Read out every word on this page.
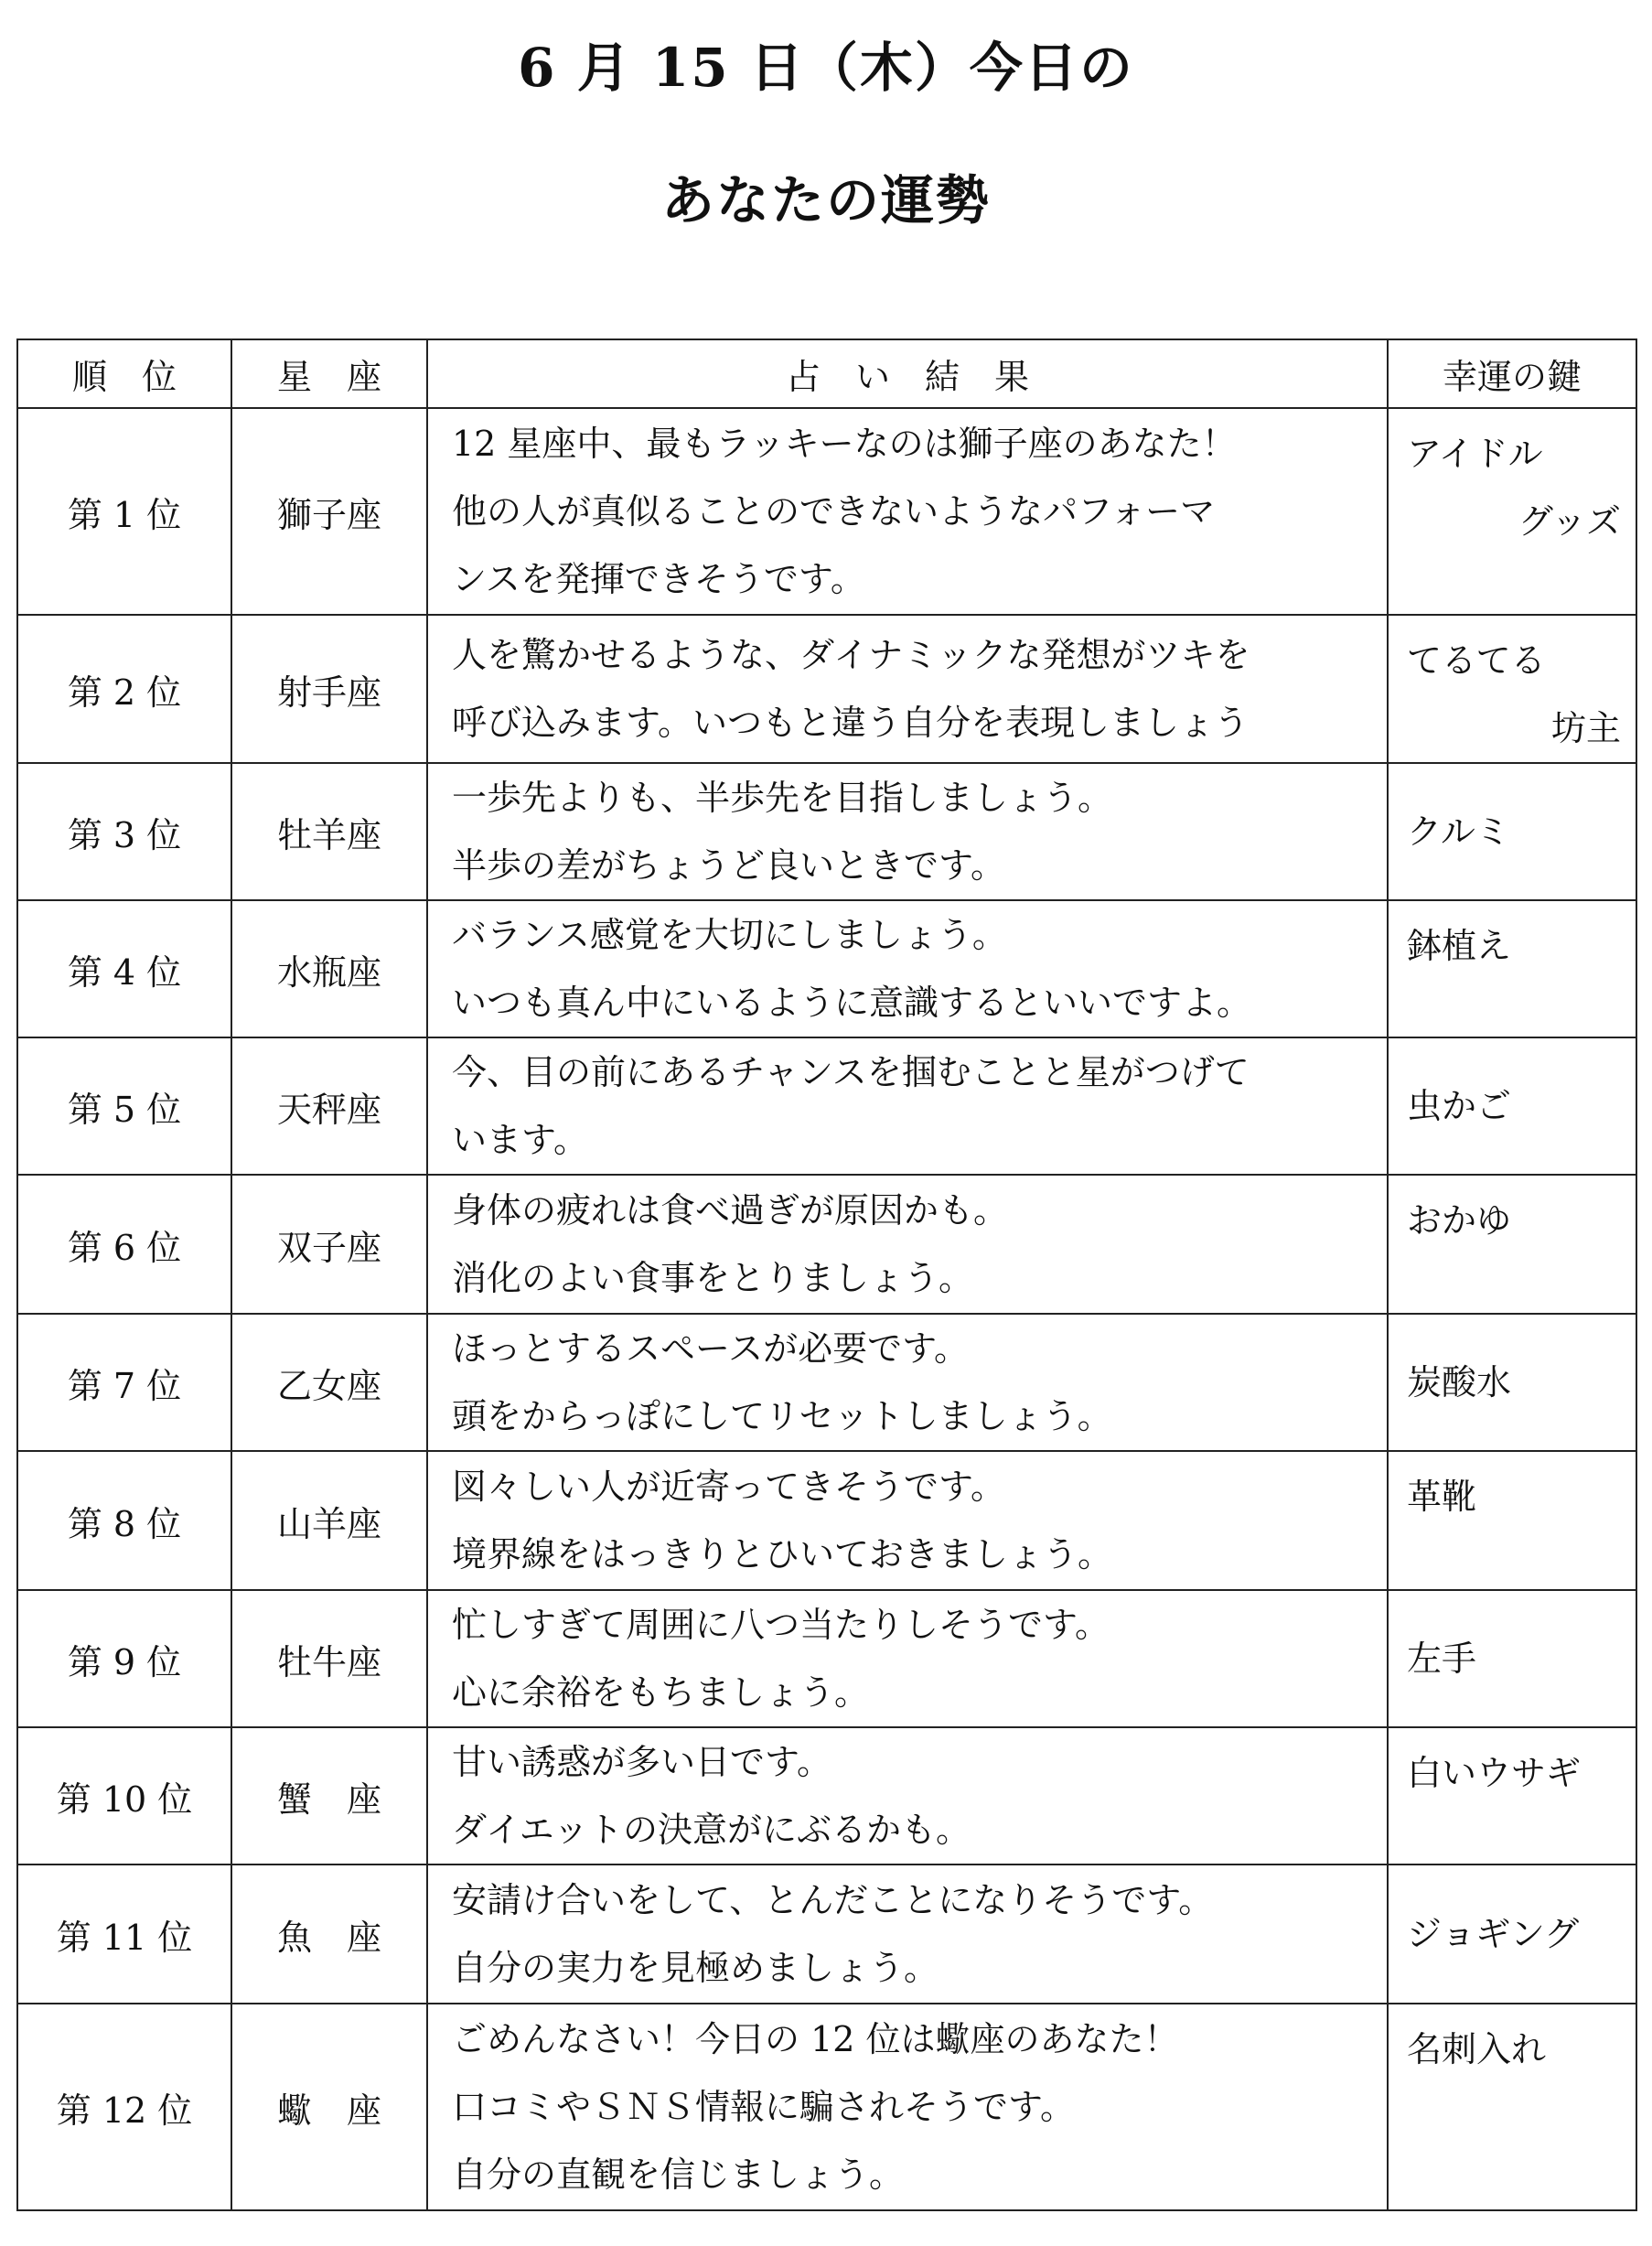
6 月 15 日（木）今日の
あなたの運勢
順　位	星　座	占　い　結　果	幸運の鍵
第 1 位	獅子座	12 星座中、最もラッキーなのは獅子座のあなた！
他の人が真似ることのできないようなパフォーマ
ンスを発揮できそうです。	アイドル
グッズ

第 2 位	射手座	人を驚かせるような、ダイナミックな発想がツキを
呼び込みます。いつもと違う自分を表現しましょう	てるてる
坊主

第 3 位	牡羊座	一歩先よりも、半歩先を目指しましょう。
半歩の差がちょうど良いときです。	クルミ

第 4 位	水瓶座	バランス感覚を大切にしましょう。
いつも真ん中にいるように意識するといいですよ。	鉢植え

第 5 位	天秤座	今、目の前にあるチャンスを掴むことと星がつげて
います。	虫かご

第 6 位	双子座	身体の疲れは食べ過ぎが原因かも。
消化のよい食事をとりましょう。	おかゆ

第 7 位	乙女座	ほっとするスペースが必要です。
頭をからっぽにしてリセットしましょう。	炭酸水

第 8 位	山羊座	図々しい人が近寄ってきそうです。
境界線をはっきりとひいておきましょう。	革靴

第 9 位	牡牛座	忙しすぎて周囲に八つ当たりしそうです。
心に余裕をもちましょう。	左手

第 10 位	蟹　座	甘い誘惑が多い日です。
ダイエットの決意がにぶるかも。	白いウサギ

第 11 位	魚　座	安請け合いをして、とんだことになりそうです。
自分の実力を見極めましょう。	ジョギング

第 12 位	蠍　座	ごめんなさい！今日の 12 位は蠍座のあなた！
口コミやＳＮＳ情報に騙されそうです。
自分の直観を信じましょう。	名刺入れ
